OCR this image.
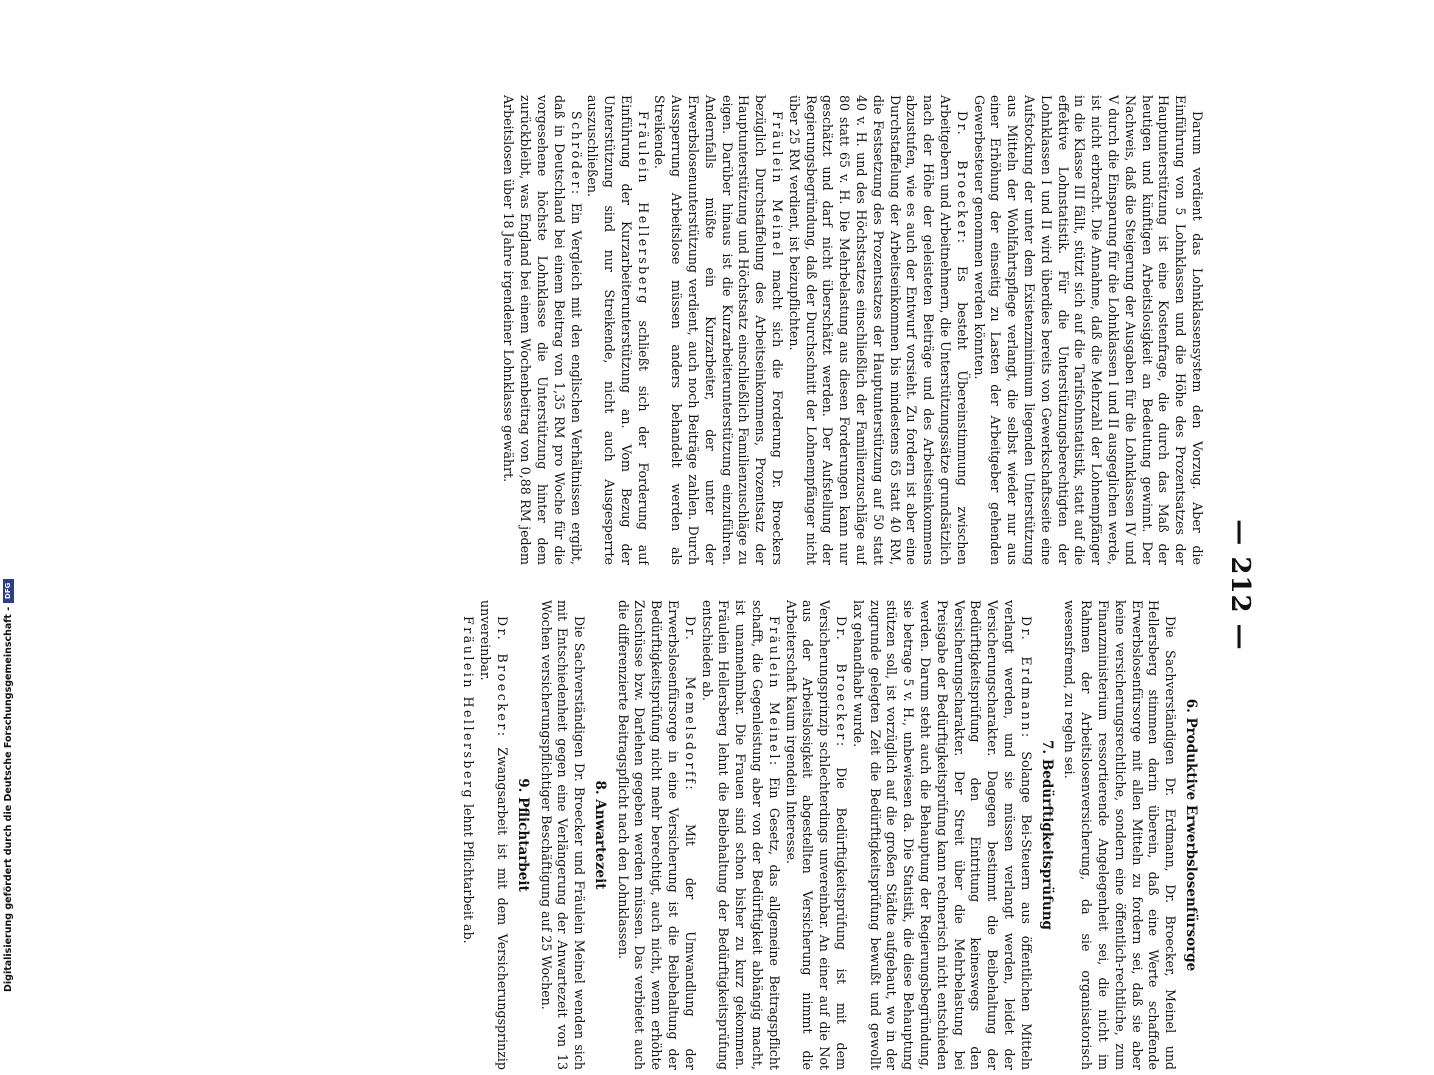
— 212 —

Darum verdient das Lohnklassensystem den Vorzug. Aber die Einführung von 5 Lohnklassen und die Höhe des Prozentsatzes der Hauptunterstützung ist eine Kostenfrage, die durch das Maß der heutigen und künftigen Arbeitslosigkeit an Bedeutung gewinnt. Der Nachweis, daß die Steigerung der Ausgaben für die Lohnklassen IV und V durch die Einsparung für die Lohnklassen I und II ausgeglichen werde, ist nicht erbracht. Die Annahme, daß die Mehrzahl der Lohnempfänger in die Klasse III fällt, stützt sich auf die Tarifsohnstatistik, statt auf die effektive Lohnstatistik. Für die Unterstützungsberechtigten der Lohnklassen I und II wird überdies bereits von Gewerkschaftsseite eine Aufstockung der unter dem Existenzminimum liegenden Unterstützung aus Mitteln der Wohlfahrtspflege verlangt, die selbst wieder nur aus einer Erhöhung der einseitig zu Lasten der Arbeitgeber gehenden Gewerbesteuer genommen werden könnten.

Dr. Broecker: Es besteht Übereinstimmung zwischen Arbeitgebern und Arbeitnehmern, die Unterstützungssätze grundsätzlich nach der Höhe der geleisteten Beiträge und des Arbeitseinkommens abzustufen, wie es auch der Entwurf vorsieht. Zu fordern ist aber eine Durchstaffelung der Arbeitseinkommen bis mindestens 65 statt 40 RM, die Festsetzung des Prozentsatzes der Hauptunterstützung auf 50 statt 40 v. H. und des Höchstsatzes einschließlich der Familienzuschläge auf 80 statt 65 v. H. Die Mehrbelastung aus diesen Forderungen kann nur geschätzt und darf nicht überschätzt werden. Der Aufstellung der Regierungsbegründung, daß der Durchschnitt der Lohnempfänger nicht über 25 RM verdient, ist beizupflichten.

Fräulein Meinel macht sich die Forderung Dr. Broeckers bezüglich Durchstaffelung des Arbeitseinkommens, Prozentsatz der Hauptunterstützung und Höchstsatz einschließlich Familienzuschläge zu eigen. Darüber hinaus ist die Kurzarbeiterunterstützung einzuführen. Andernfalls müßte ein Kurzarbeiter, der unter der Erwerbslosenunterstützung verdient, auch noch Beiträge zahlen. Durch Aussperrung Arbeitslose müssen anders behandelt werden als Streikende.

Fräulein Hellersberg schließt sich der Forderung auf Einführung der Kurzarbeiterunterstützung an. Vom Bezug der Unterstützung sind nur Streikende, nicht auch Ausgesperrte auszuschließen.

Schröder: Ein Vergleich mit den englischen Verhältnissen ergibt, daß in Deutschland bei einem Beitrag von 1,35 RM pro Woche für die vorgesehene höchste Lohnklasse die Unterstützung hinter dem zurückbleibt, was England bei einem Wochenbeitrag von 0,88 RM jedem Arbeitslosen über 18 Jahre irgendeiner Lohnklasse gewährt.

6. Produktive Erwerbslosenfürsorge

Die Sachverständigen Dr. Erdmann, Dr. Broecker, Meinel und Hellersberg stimmen darin überein, daß eine Werte schaffende Erwerbslosenfürsorge mit allen Mitteln zu fordern sei, daß sie aber keine versicherungsrechtliche, sondern eine öffentlich-rechtliche, zum Finanzministerium ressortierende Angelegenheit sei, die nicht im Rahmen der Arbeitslosenversicherung, da sie organisatorisch wesensfremd, zu regeln sei.

7. Bedürftigkeitsprüfung

Dr. Erdmann: Solange Bei-Steuern aus öffentlichen Mitteln verlangt werden, und sie müssen verlangt werden, leidet der Versicherungscharakter. Dagegen bestimmt die Beibehaltung der Bedürftigkeitsprüfung den Eintritung keineswegs den Versicherungscharakter. Der Streit über die Mehrbelastung bei Preisgabe der Bedürftigkeitsprüfung kann rechnerisch nicht entschieden werden. Darum steht auch die Behauptung der Regierungsbegründung, sie betrage 5 v. H., unbewiesen da. Die Statistik, die diese Behauptung stützen soll, ist vorzüglich auf die großen Städte aufgebaut, wo in der zugrunde gelegten Zeit die Bedürftigkeitsprüfung bewußt und gewollt lax gehandhabt wurde.

Dr. Broecker: Die Bedürftigkeitsprüfung ist mit dem Versicherungsprinzip schlechterdings unvereinbar. An einer auf die Not aus der Arbeitslosigkeit abgestellten Versicherung nimmt die Arbeiterschaft kaum irgendein Interesse.

Fräulein Meinel: Ein Gesetz, das allgemeine Beitragspflicht schafft, die Gegenleistung aber von der Bedürftigkeit abhängig macht, ist unannehmbar. Die Frauen sind schon bisher zu kurz gekommen. Fräulein Hellersberg lehnt die Beibehaltung der Bedürftigkeitsprüfung entschieden ab.

Dr. Memelsdorff: Mit der Umwandlung der Erwerbslosenfürsorge in eine Versicherung ist die Beibehaltung der Bedürftigkeitsprüfung nicht mehr berechtigt, auch nicht, wenn erhöhte Zuschüsse bzw. Darlehen gegeben werden müssen. Das verbietet auch die differenzierte Beitragspflicht nach den Lohnklassen.

8. Anwartezeit

Die Sachverständigen Dr. Broecker und Fräulein Meinel wenden sich mit Entschiedenheit gegen eine Verlängerung der Anwartezeit von 13 Wochen versicherungspflichtiger Beschäftigung auf 25 Wochen.

9. Pflichtarbeit

Dr. Broecker: Zwangsarbeit ist mit dem Versicherungsprinzip unvereinbar.

Fräulein Hellersberg lehnt Pflichtarbeit ab.

Digitalisierung gefördert durch die Deutsche Forschungsgemeinschaft -
DFG
